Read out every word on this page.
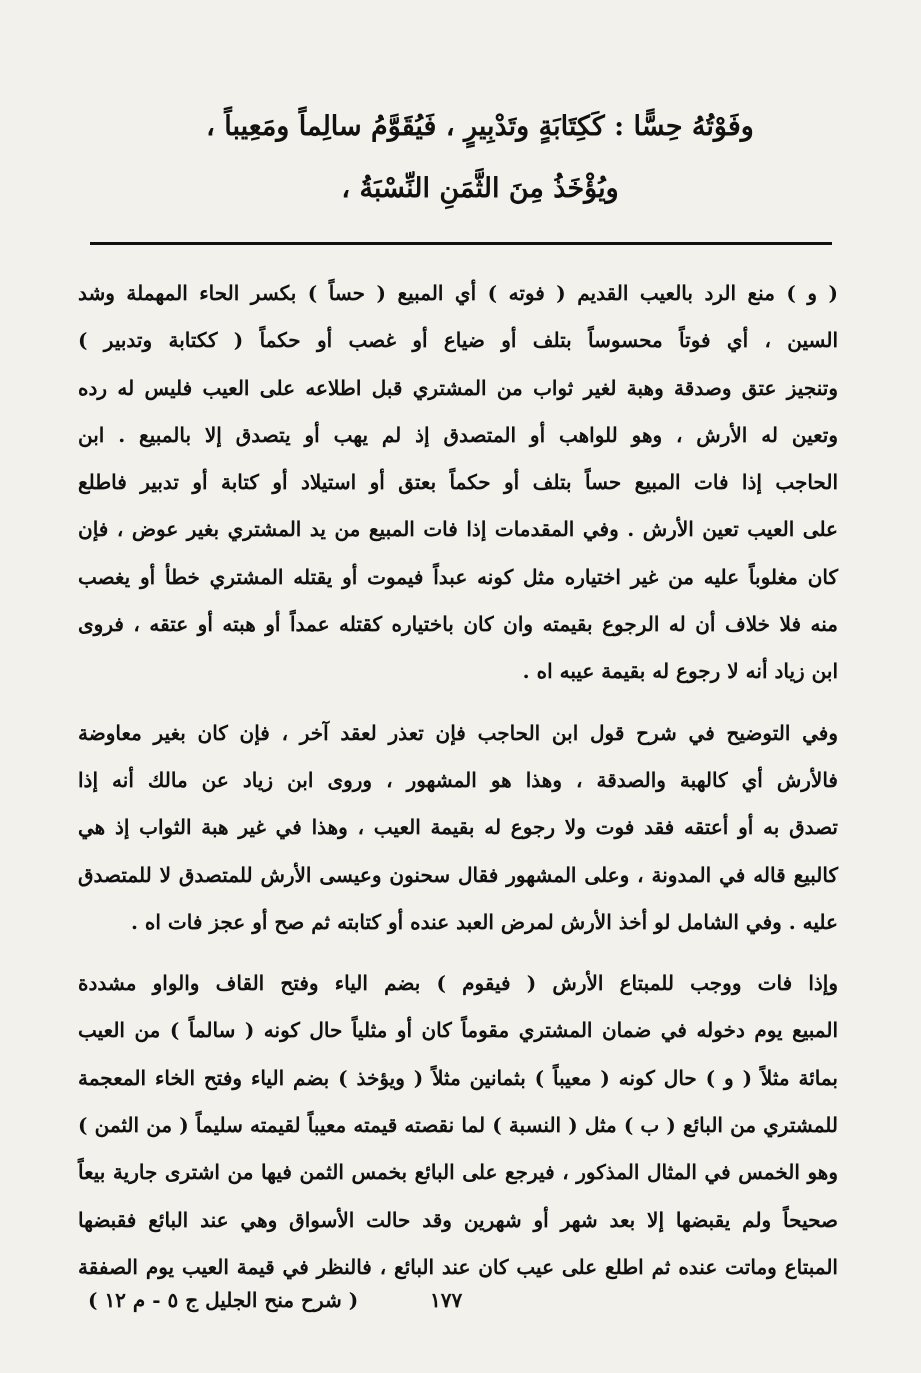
وفَوْتُهُ حِسًّا : كَكِتَابَةٍ وتَدْبِيرٍ ، فَيُقَوَّمُ سالِماً ومَعِيباً ،
ويُؤْخَذُ مِنَ الثَّمَنِ النِّسْبَةُ ،
( و ) منع الرد بالعيب القديم ( فوته ) أي المبيع ( حساً ) بكسر الحاء المهملة وشد
السين ، أي فوتاً محسوساً بتلف أو ضياع أو غصب أو حكماً ( ككتابة وتدبير )
وتنجيز عتق وصدقة وهبة لغير ثواب من المشتري قبل اطلاعه على العيب فليس له رده
وتعين له الأرش ، وهو للواهب أو المتصدق إذ لم يهب أو يتصدق إلا بالمبيع . ابن
الحاجب إذا فات المبيع حساً بتلف أو حكماً بعتق أو استيلاد أو كتابة أو تدبير فاطلع
على العيب تعين الأرش . وفي المقدمات إذا فات المبيع من يد المشتري بغير عوض ، فإن
كان مغلوباً عليه من غير اختياره مثل كونه عبداً فيموت أو يقتله المشتري خطأ أو يغصب
منه فلا خلاف أن له الرجوع بقيمته وان كان باختياره كقتله عمداً أو هبته أو عتقه ، فروى
ابن زياد أنه لا رجوع له بقيمة عيبه اه .
وفي التوضيح في شرح قول ابن الحاجب فإن تعذر لعقد آخر ، فإن كان بغير معاوضة
فالأرش أي كالهبة والصدقة ، وهذا هو المشهور ، وروى ابن زياد عن مالك أنه إذا
تصدق به أو أعتقه فقد فوت ولا رجوع له بقيمة العيب ، وهذا في غير هبة الثواب إذ هي
كالبيع قاله في المدونة ، وعلى المشهور فقال سحنون وعيسى الأرش للمتصدق لا للمتصدق
عليه . وفي الشامل لو أخذ الأرش لمرض العبد عنده أو كتابته ثم صح أو عجز فات اه .
وإذا فات ووجب للمبتاع الأرش ( فيقوم ) بضم الياء وفتح القاف والواو مشددة
المبيع يوم دخوله في ضمان المشتري مقوماً كان أو مثلياً حال كونه ( سالماً ) من العيب
بمائة مثلاً ( و ) حال كونه ( معيباً ) بثمانين مثلاً ( ويؤخذ ) بضم الياء وفتح الخاء المعجمة
للمشتري من البائع ( ب ) مثل ( النسبة ) لما نقصته قيمته معيباً لقيمته سليماً ( من الثمن )
وهو الخمس في المثال المذكور ، فيرجع على البائع بخمس الثمن فيها من اشترى جارية بيعاً
صحيحاً ولم يقبضها إلا بعد شهر أو شهرين وقد حالت الأسواق وهي عند البائع فقبضها
المبتاع وماتت عنده ثم اطلع على عيب كان عند البائع ، فالنظر في قيمة العيب يوم الصفقة
( شرح منح الجليل ج ٥ - م ١٢ )	١٧٧
